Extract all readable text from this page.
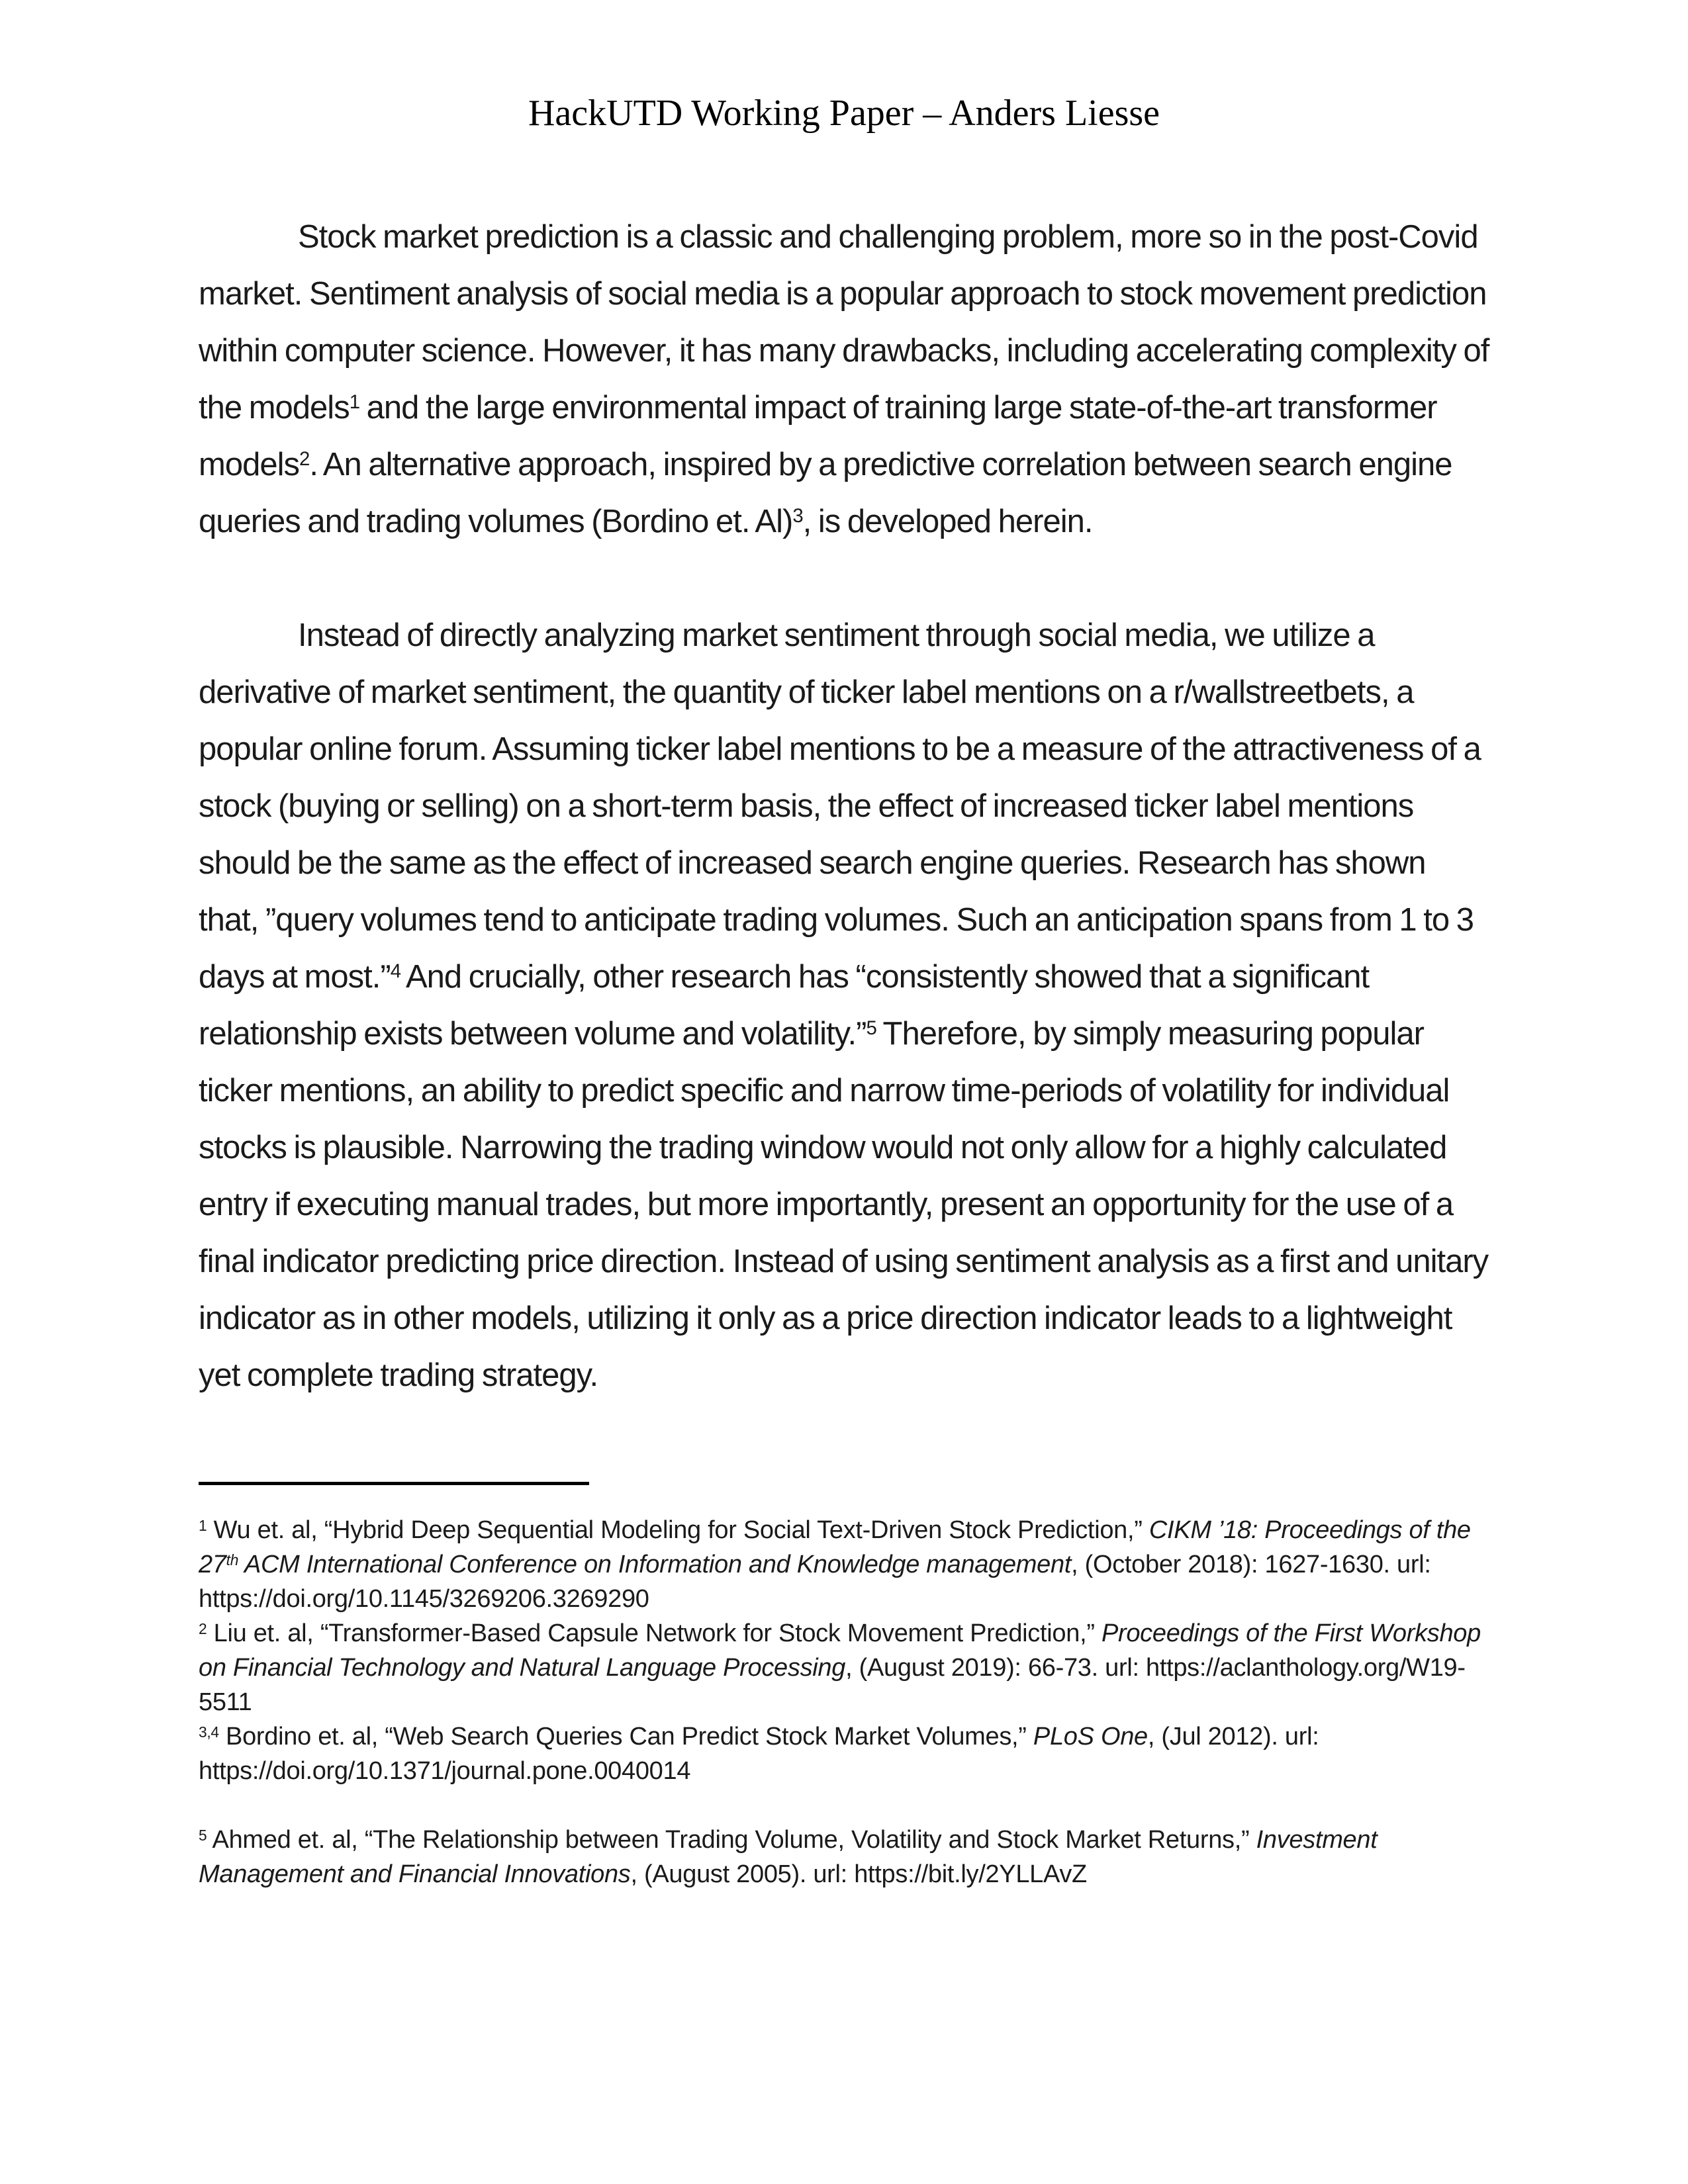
HackUTD Working Paper – Anders Liesse

Stock market prediction is a classic and challenging problem, more so in the post-Covid market. Sentiment analysis of social media is a popular approach to stock movement prediction within computer science. However, it has many drawbacks, including accelerating complexity of the models$^1$ and the large environmental impact of training large state-of-the-art transformer models$^2$. An alternative approach, inspired by a predictive correlation between search engine queries and trading volumes (Bordino et. Al)$^3$, is developed herein.

Instead of directly analyzing market sentiment through social media, we utilize a derivative of market sentiment, the quantity of ticker label mentions on a r/wallstreetbets, a popular online forum. Assuming ticker label mentions to be a measure of the attractiveness of a stock (buying or selling) on a short-term basis, the effect of increased ticker label mentions should be the same as the effect of increased search engine queries. Research has shown that, ”query volumes tend to anticipate trading volumes. Such an anticipation spans from 1 to 3 days at most.”$^4$ And crucially, other research has “consistently showed that a significant relationship exists between volume and volatility.”$^5$ Therefore, by simply measuring popular ticker mentions, an ability to predict specific and narrow time-periods of volatility for individual stocks is plausible. Narrowing the trading window would not only allow for a highly calculated entry if executing manual trades, but more importantly, present an opportunity for the use of a final indicator predicting price direction. Instead of using sentiment analysis as a first and unitary indicator as in other models, utilizing it only as a price direction indicator leads to a lightweight yet complete trading strategy.

$^1$ Wu et. al, “Hybrid Deep Sequential Modeling for Social Text-Driven Stock Prediction,” CIKM ’18: Proceedings of the 27th ACM International Conference on Information and Knowledge management, (October 2018): 1627-1630. url: https://doi.org/10.1145/3269206.3269290

$^2$ Liu et. al, “Transformer-Based Capsule Network for Stock Movement Prediction,” Proceedings of the First Workshop on Financial Technology and Natural Language Processing, (August 2019): 66-73. url: https://aclanthology.org/W19-5511

$^{3,4}$ Bordino et. al, “Web Search Queries Can Predict Stock Market Volumes,” PLoS One, (Jul 2012). url: https://doi.org/10.1371/journal.pone.0040014

$^5$ Ahmed et. al, “The Relationship between Trading Volume, Volatility and Stock Market Returns,” Investment Management and Financial Innovations, (August 2005). url: https://bit.ly/2YLLAvZ
